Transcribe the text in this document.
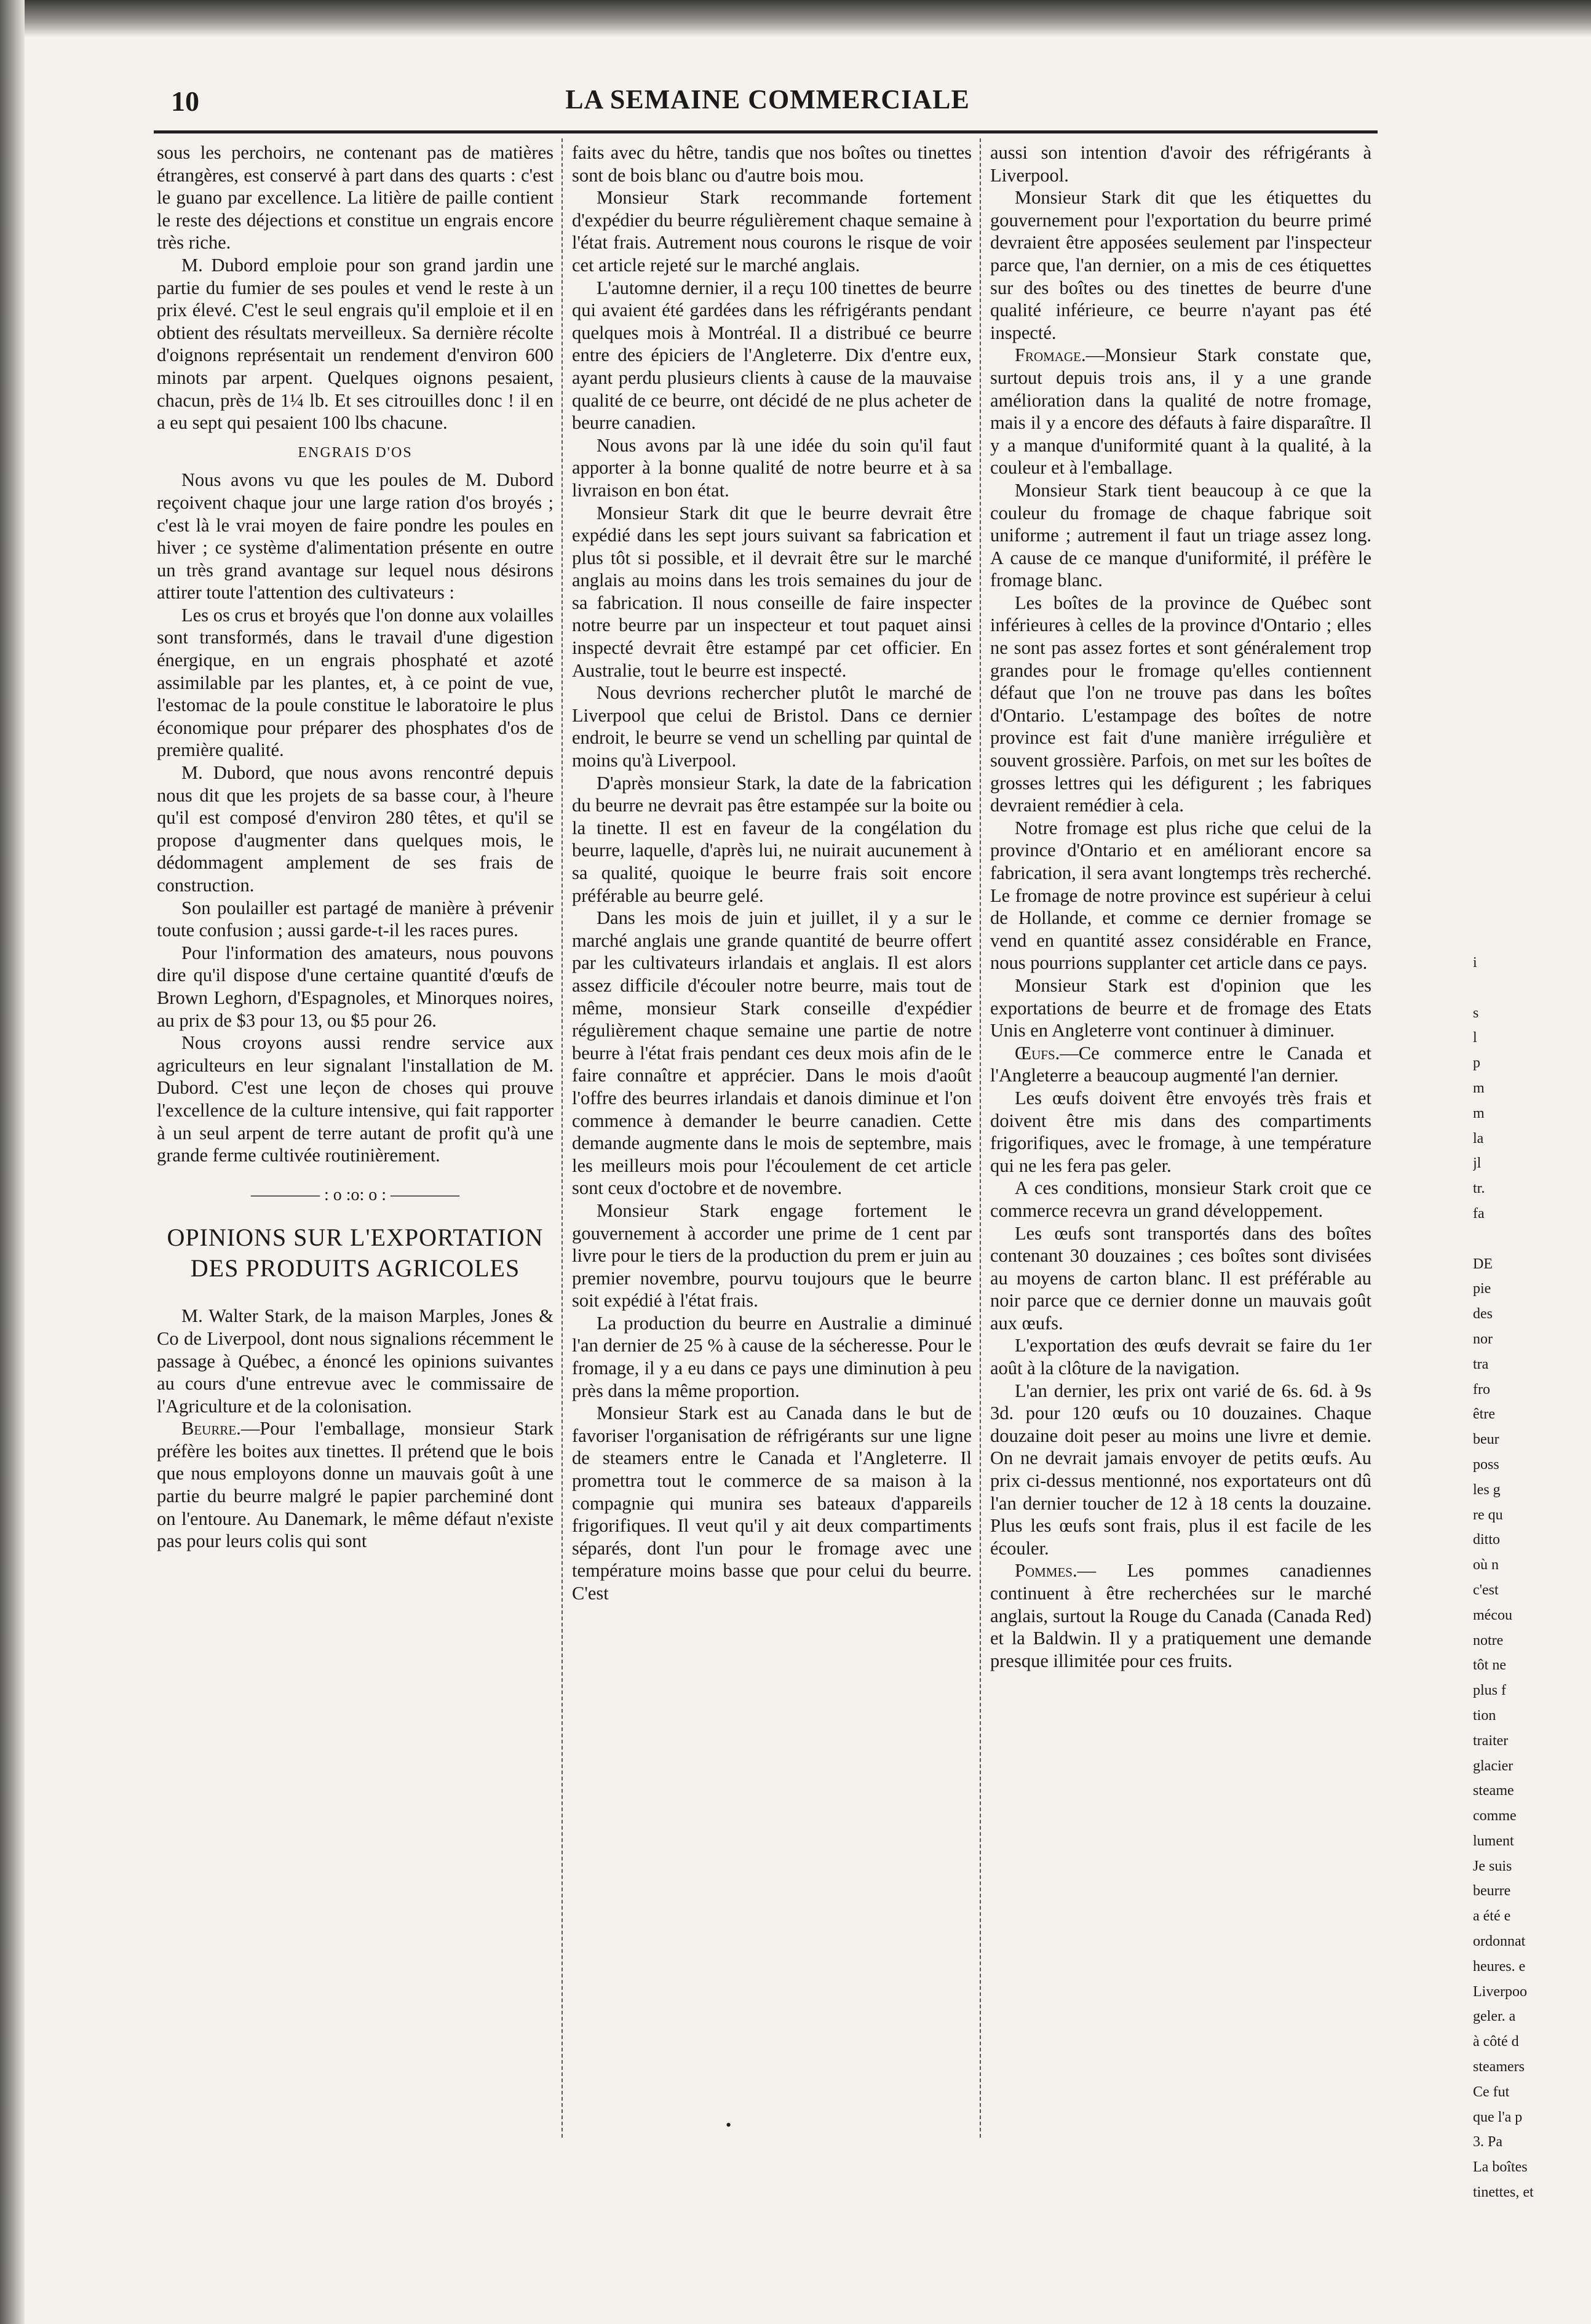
10	LA SEMAINE COMMERCIALE

sous les perchoirs, ne contenant pas de matières étrangères, est conservé à part dans des quarts : c'est le guano par excellence. La litière de paille contient le reste des déjections et constitue un engrais encore très riche.

M. Dubord emploie pour son grand jardin une partie du fumier de ses poules et vend le reste à un prix élevé. C'est le seul engrais qu'il emploie et il en obtient des résultats merveilleux. Sa dernière récolte d'oignons représentait un rendement d'environ 600 minots par arpent. Quelques oignons pesaient, chacun, près de 1¼ lb. Et ses citrouilles donc ! il en a eu sept qui pesaient 100 lbs chacune.

ENGRAIS D'OS

Nous avons vu que les poules de M. Dubord reçoivent chaque jour une large ration d'os broyés ; c'est là le vrai moyen de faire pondre les poules en hiver ; ce système d'alimentation présente en outre un très grand avantage sur lequel nous désirons attirer toute l'attention des cultivateurs :

Les os crus et broyés que l'on donne aux volailles sont transformés, dans le travail d'une digestion énergique, en un engrais phosphaté et azoté assimilable par les plantes, et, à ce point de vue, l'estomac de la poule constitue le laboratoire le plus économique pour préparer des phosphates d'os de première qualité.

M. Dubord, que nous avons rencontré depuis nous dit que les projets de sa basse cour, à l'heure qu'il est composé d'environ 280 têtes, et qu'il se propose d'augmenter dans quelques mois, le dédommagent amplement de ses frais de construction.

Son poulailler est partagé de manière à prévenir toute confusion ; aussi garde-t-il les races pures.

Pour l'information des amateurs, nous pouvons dire qu'il dispose d'une certaine quantité d'œufs de Brown Leghorn, d'Espagnoles, et Minorques noires, au prix de $3 pour 13, ou $5 pour 26.

Nous croyons aussi rendre service aux agriculteurs en leur signalant l'installation de M. Dubord. C'est une leçon de choses qui prouve l'excellence de la culture intensive, qui fait rapporter à un seul arpent de terre autant de profit qu'à une grande ferme cultivée routinièrement.

———— : o :o: o : ————
OPINIONS SUR L'EXPORTATION DES PRODUITS AGRICOLES

M. Walter Stark, de la maison Marples, Jones & Co de Liverpool, dont nous signalions récemment le passage à Québec, a énoncé les opinions suivantes au cours d'une entrevue avec le commissaire de l'Agriculture et de la colonisation.

Beurre.—Pour l'emballage, monsieur Stark préfère les boites aux tinettes. Il prétend que le bois que nous employons donne un mauvais goût à une partie du beurre malgré le papier parcheminé dont on l'entoure. Au Danemark, le même défaut n'existe pas pour leurs colis qui sont

faits avec du hêtre, tandis que nos boîtes ou tinettes sont de bois blanc ou d'autre bois mou.

Monsieur Stark recommande fortement d'expédier du beurre régulièrement chaque semaine à l'état frais. Autrement nous courons le risque de voir cet article rejeté sur le marché anglais.

L'automne dernier, il a reçu 100 tinettes de beurre qui avaient été gardées dans les réfrigérants pendant quelques mois à Montréal. Il a distribué ce beurre entre des épiciers de l'Angleterre. Dix d'entre eux, ayant perdu plusieurs clients à cause de la mauvaise qualité de ce beurre, ont décidé de ne plus acheter de beurre canadien.

Nous avons par là une idée du soin qu'il faut apporter à la bonne qualité de notre beurre et à sa livraison en bon état.

Monsieur Stark dit que le beurre devrait être expédié dans les sept jours suivant sa fabrication et plus tôt si possible, et il devrait être sur le marché anglais au moins dans les trois semaines du jour de sa fabrication. Il nous conseille de faire inspecter notre beurre par un inspecteur et tout paquet ainsi inspecté devrait être estampé par cet officier. En Australie, tout le beurre est inspecté.

Nous devrions rechercher plutôt le marché de Liverpool que celui de Bristol. Dans ce dernier endroit, le beurre se vend un schelling par quintal de moins qu'à Liverpool.

D'après monsieur Stark, la date de la fabrication du beurre ne devrait pas être estampée sur la boite ou la tinette. Il est en faveur de la congélation du beurre, laquelle, d'après lui, ne nuirait aucunement à sa qualité, quoique le beurre frais soit encore préférable au beurre gelé.

Dans les mois de juin et juillet, il y a sur le marché anglais une grande quantité de beurre offert par les cultivateurs irlandais et anglais. Il est alors assez difficile d'écouler notre beurre, mais tout de même, monsieur Stark conseille d'expédier régulièrement chaque semaine une partie de notre beurre à l'état frais pendant ces deux mois afin de le faire connaître et apprécier. Dans le mois d'août l'offre des beurres irlandais et danois diminue et l'on commence à demander le beurre canadien. Cette demande augmente dans le mois de septembre, mais les meilleurs mois pour l'écoulement de cet article sont ceux d'octobre et de novembre.

Monsieur Stark engage fortement le gouvernement à accorder une prime de 1 cent par livre pour le tiers de la production du prem er juin au premier novembre, pourvu toujours que le beurre soit expédié à l'état frais.

La production du beurre en Australie a diminué l'an dernier de 25 % à cause de la sécheresse. Pour le fromage, il y a eu dans ce pays une diminution à peu près dans la même proportion.

Monsieur Stark est au Canada dans le but de favoriser l'organisation de réfrigérants sur une ligne de steamers entre le Canada et l'Angleterre. Il promettra tout le commerce de sa maison à la compagnie qui munira ses bateaux d'appareils frigorifiques. Il veut qu'il y ait deux compartiments séparés, dont l'un pour le fromage avec une température moins basse que pour celui du beurre. C'est

aussi son intention d'avoir des réfrigérants à Liverpool.

Monsieur Stark dit que les étiquettes du gouvernement pour l'exportation du beurre primé devraient être apposées seulement par l'inspecteur parce que, l'an dernier, on a mis de ces étiquettes sur des boîtes ou des tinettes de beurre d'une qualité inférieure, ce beurre n'ayant pas été inspecté.

Fromage.—Monsieur Stark constate que, surtout depuis trois ans, il y a une grande amélioration dans la qualité de notre fromage, mais il y a encore des défauts à faire disparaître. Il y a manque d'uniformité quant à la qualité, à la couleur et à l'emballage.

Monsieur Stark tient beaucoup à ce que la couleur du fromage de chaque fabrique soit uniforme ; autrement il faut un triage assez long. A cause de ce manque d'uniformité, il préfère le fromage blanc.

Les boîtes de la province de Québec sont inférieures à celles de la province d'Ontario ; elles ne sont pas assez fortes et sont généralement trop grandes pour le fromage qu'elles contiennent défaut que l'on ne trouve pas dans les boîtes d'Ontario. L'estampage des boîtes de notre province est fait d'une manière irrégulière et souvent grossière. Parfois, on met sur les boîtes de grosses lettres qui les défigurent ; les fabriques devraient remédier à cela.

Notre fromage est plus riche que celui de la province d'Ontario et en améliorant encore sa fabrication, il sera avant longtemps très recherché. Le fromage de notre province est supérieur à celui de Hollande, et comme ce dernier fromage se vend en quantité assez considérable en France, nous pourrions supplanter cet article dans ce pays.

Monsieur Stark est d'opinion que les exportations de beurre et de fromage des Etats Unis en Angleterre vont continuer à diminuer.

Œufs.—Ce commerce entre le Canada et l'Angleterre a beaucoup augmenté l'an dernier.

Les œufs doivent être envoyés très frais et doivent être mis dans des compartiments frigorifiques, avec le fromage, à une température qui ne les fera pas geler.

A ces conditions, monsieur Stark croit que ce commerce recevra un grand développement.

Les œufs sont transportés dans des boîtes contenant 30 douzaines ; ces boîtes sont divisées au moyens de carton blanc. Il est préférable au noir parce que ce dernier donne un mauvais goût aux œufs.

L'exportation des œufs devrait se faire du 1er août à la clôture de la navigation.

L'an dernier, les prix ont varié de 6s. 6d. à 9s 3d. pour 120 œufs ou 10 douzaines. Chaque douzaine doit peser au moins une livre et demie. On ne devrait jamais envoyer de petits œufs. Au prix ci-dessus mentionné, nos exportateurs ont dû l'an dernier toucher de 12 à 18 cents la douzaine. Plus les œufs sont frais, plus il est facile de les écouler.

Pommes.— Les pommes canadiennes continuent à être recherchées sur le marché anglais, surtout la Rouge du Canada (Canada Red) et la Baldwin. Il y a pratiquement une demande presque illimitée pour ces fruits.

i
s
l
p
m
m
la
jl
tr.
fa
DE
pie
des
nor
tra
fro
être
beur
poss
les g
re qu
ditto
où n
c'est
mécou
notre
tôt ne
plus f
tion
traiter
glacier
steame
comme
lument
Je suis
beurre
a été e
ordonnat
heures. e
Liverpoo
geler. a
à côté d
steamers
Ce fut
que l'a p
3. Pa
La boîtes
tinettes, et
•
